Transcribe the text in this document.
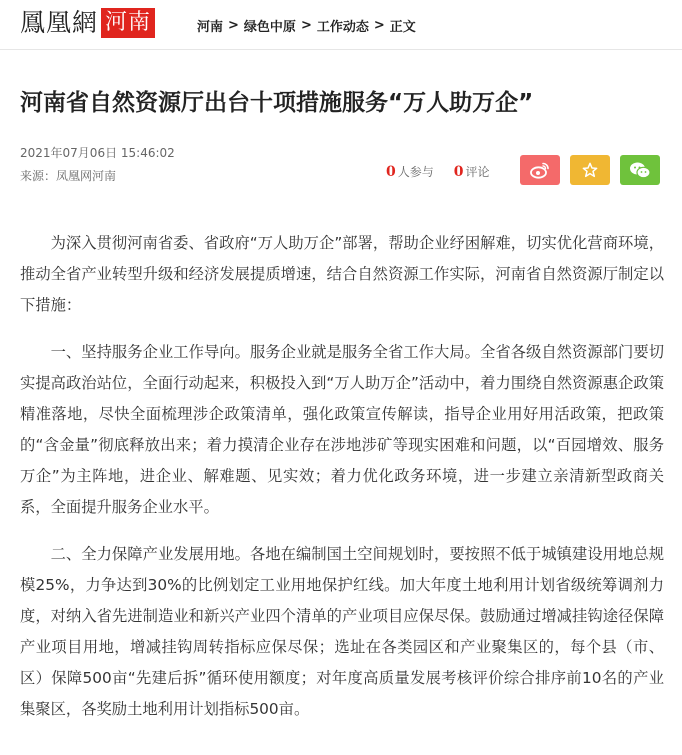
鳳凰網 河南	河南 > 绿色中原 > 工作动态 > 正文
河南省自然资源厅出台十项措施服务“万人助万企”
2021年07月06日 15:46:02
来源：凤凰网河南	0 人参与 0 评论

为深入贯彻河南省委、省政府“万人助万企”部署，帮助企业纾困解难，切实优化营商环境，推动全省产业转型升级和经济发展提质增速，结合自然资源工作实际，河南省自然资源厅制定以下措施：

一、坚持服务企业工作导向。服务企业就是服务全省工作大局。全省各级自然资源部门要切实提高政治站位，全面行动起来，积极投入到“万人助万企”活动中，着力围绕自然资源惠企政策精准落地，尽快全面梳理涉企政策清单，强化政策宣传解读，指导企业用好用活政策，把政策的“含金量”彻底释放出来；着力摸清企业存在涉地涉矿等现实困难和问题，以“百园增效、服务万企”为主阵地，进企业、解难题、见实效；着力优化政务环境，进一步建立亲清新型政商关系，全面提升服务企业水平。

二、全力保障产业发展用地。各地在编制国土空间规划时，要按照不低于城镇建设用地总规模25%，力争达到30%的比例划定工业用地保护红线。加大年度土地利用计划省级统筹调剂力度，对纳入省先进制造业和新兴产业四个清单的产业项目应保尽保。鼓励通过增减挂钩途径保障产业项目用地，增减挂钩周转指标应保尽保；选址在各类园区和产业聚集区的，每个县（市、区）保障500亩“先建后拆”循环使用额度；对年度高质量发展考核评价综合排序前10名的产业集聚区，各奖励土地利用计划指标500亩。
